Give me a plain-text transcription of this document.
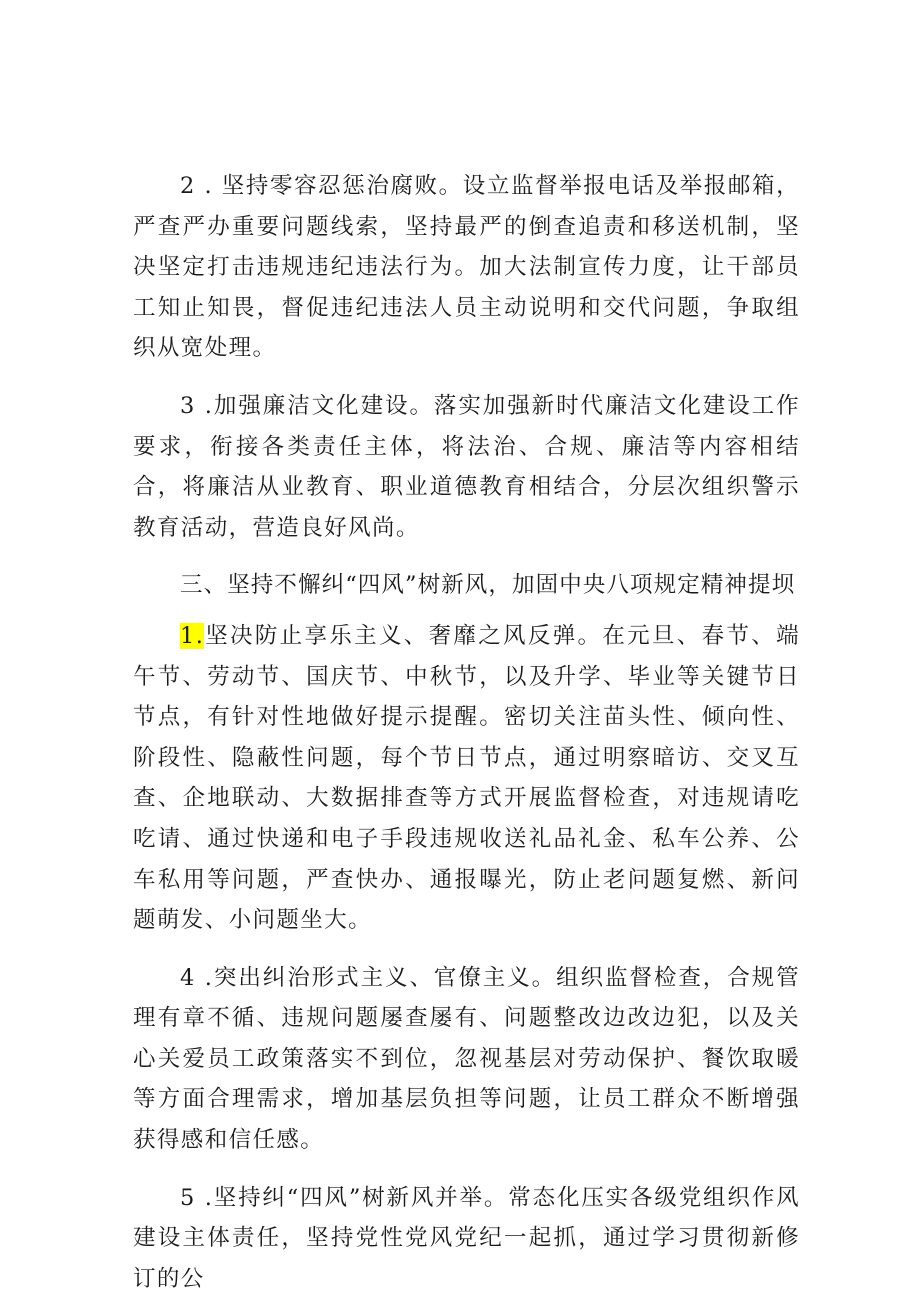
2 . 坚持零容忍惩治腐败。设立监督举报电话及举报邮箱，严查严办重要问题线索，坚持最严的倒查追责和移送机制，坚决坚定打击违规违纪违法行为。加大法制宣传力度，让干部员工知止知畏，督促违纪违法人员主动说明和交代问题，争取组织从宽处理。

3 .加强廉洁文化建设。落实加强新时代廉洁文化建设工作要求，衔接各类责任主体，将法治、合规、廉洁等内容相结合，将廉洁从业教育、职业道德教育相结合，分层次组织警示教育活动，营造良好风尚。

三、坚持不懈纠“四风”树新风，加固中央八项规定精神提坝

1.坚决防止享乐主义、奢靡之风反弹。在元旦、春节、端午节、劳动节、国庆节、中秋节，以及升学、毕业等关键节日节点，有针对性地做好提示提醒。密切关注苗头性、倾向性、阶段性、隐蔽性问题，每个节日节点，通过明察暗访、交叉互查、企地联动、大数据排查等方式开展监督检查，对违规请吃吃请、通过快递和电子手段违规收送礼品礼金、私车公养、公车私用等问题，严查快办、通报曝光，防止老问题复燃、新问题萌发、小问题坐大。

4 .突出纠治形式主义、官僚主义。组织监督检查，合规管理有章不循、违规问题屡查屡有、问题整改边改边犯，以及关心关爱员工政策落实不到位，忽视基层对劳动保护、餐饮取暖等方面合理需求，增加基层负担等问题，让员工群众不断增强获得感和信任感。

5 .坚持纠“四风”树新风并举。常态化压实各级党组织作风建设主体责任，坚持党性党风党纪一起抓，通过学习贯彻新修订的公
